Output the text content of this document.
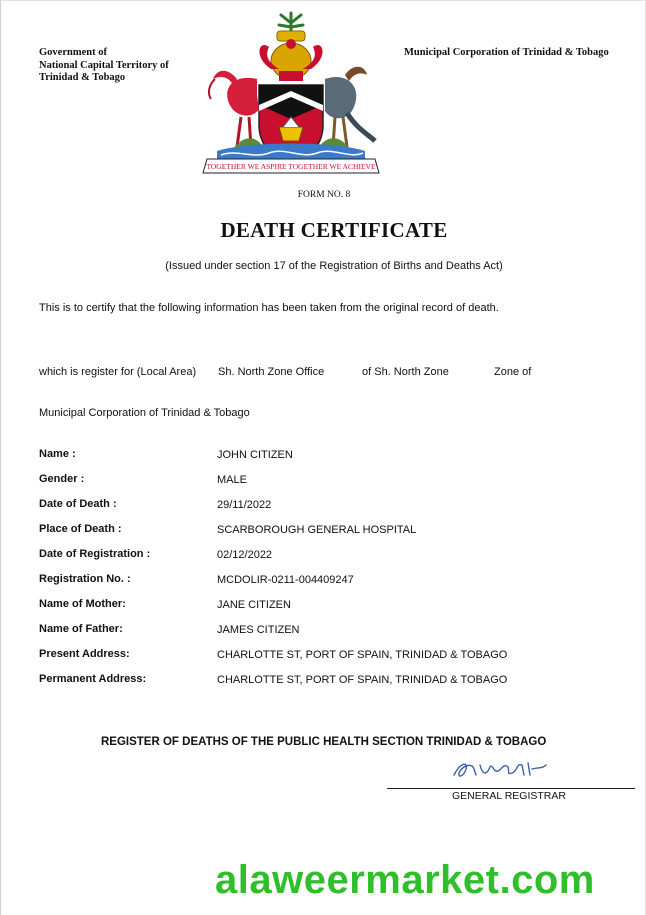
Government of
National Capital Territory of
Trinidad & Tobago
Municipal Corporation of Trinidad & Tobago
TOGETHER WE ASPIRE TOGETHER WE ACHIEVE
FORM NO. 8
DEATH CERTIFICATE
(Issued under section 17 of the Registration of Births and Deaths Act)
This is to certify that the following information has been taken from the original record of death.
which is register for (Local Area) Sh. North Zone Office	of Sh. North Zone	Zone of
Municipal Corporation of Trinidad & Tobago
Name :	JOHN CITIZEN
Gender :	MALE
Date of Death :	29/11/2022
Place of Death :	SCARBOROUGH GENERAL HOSPITAL
Date of Registration :	02/12/2022
Registration No. :	MCDOLIR-0211-004409247
Name of Mother:	JANE CITIZEN
Name of Father:	JAMES CITIZEN
Present Address:	CHARLOTTE ST, PORT OF SPAIN, TRINIDAD & TOBAGO
Permanent Address:	CHARLOTTE ST, PORT OF SPAIN, TRINIDAD & TOBAGO
REGISTER OF DEATHS OF THE PUBLIC HEALTH SECTION TRINIDAD & TOBAGO
GENERAL REGISTRAR
alaweermarket.com
